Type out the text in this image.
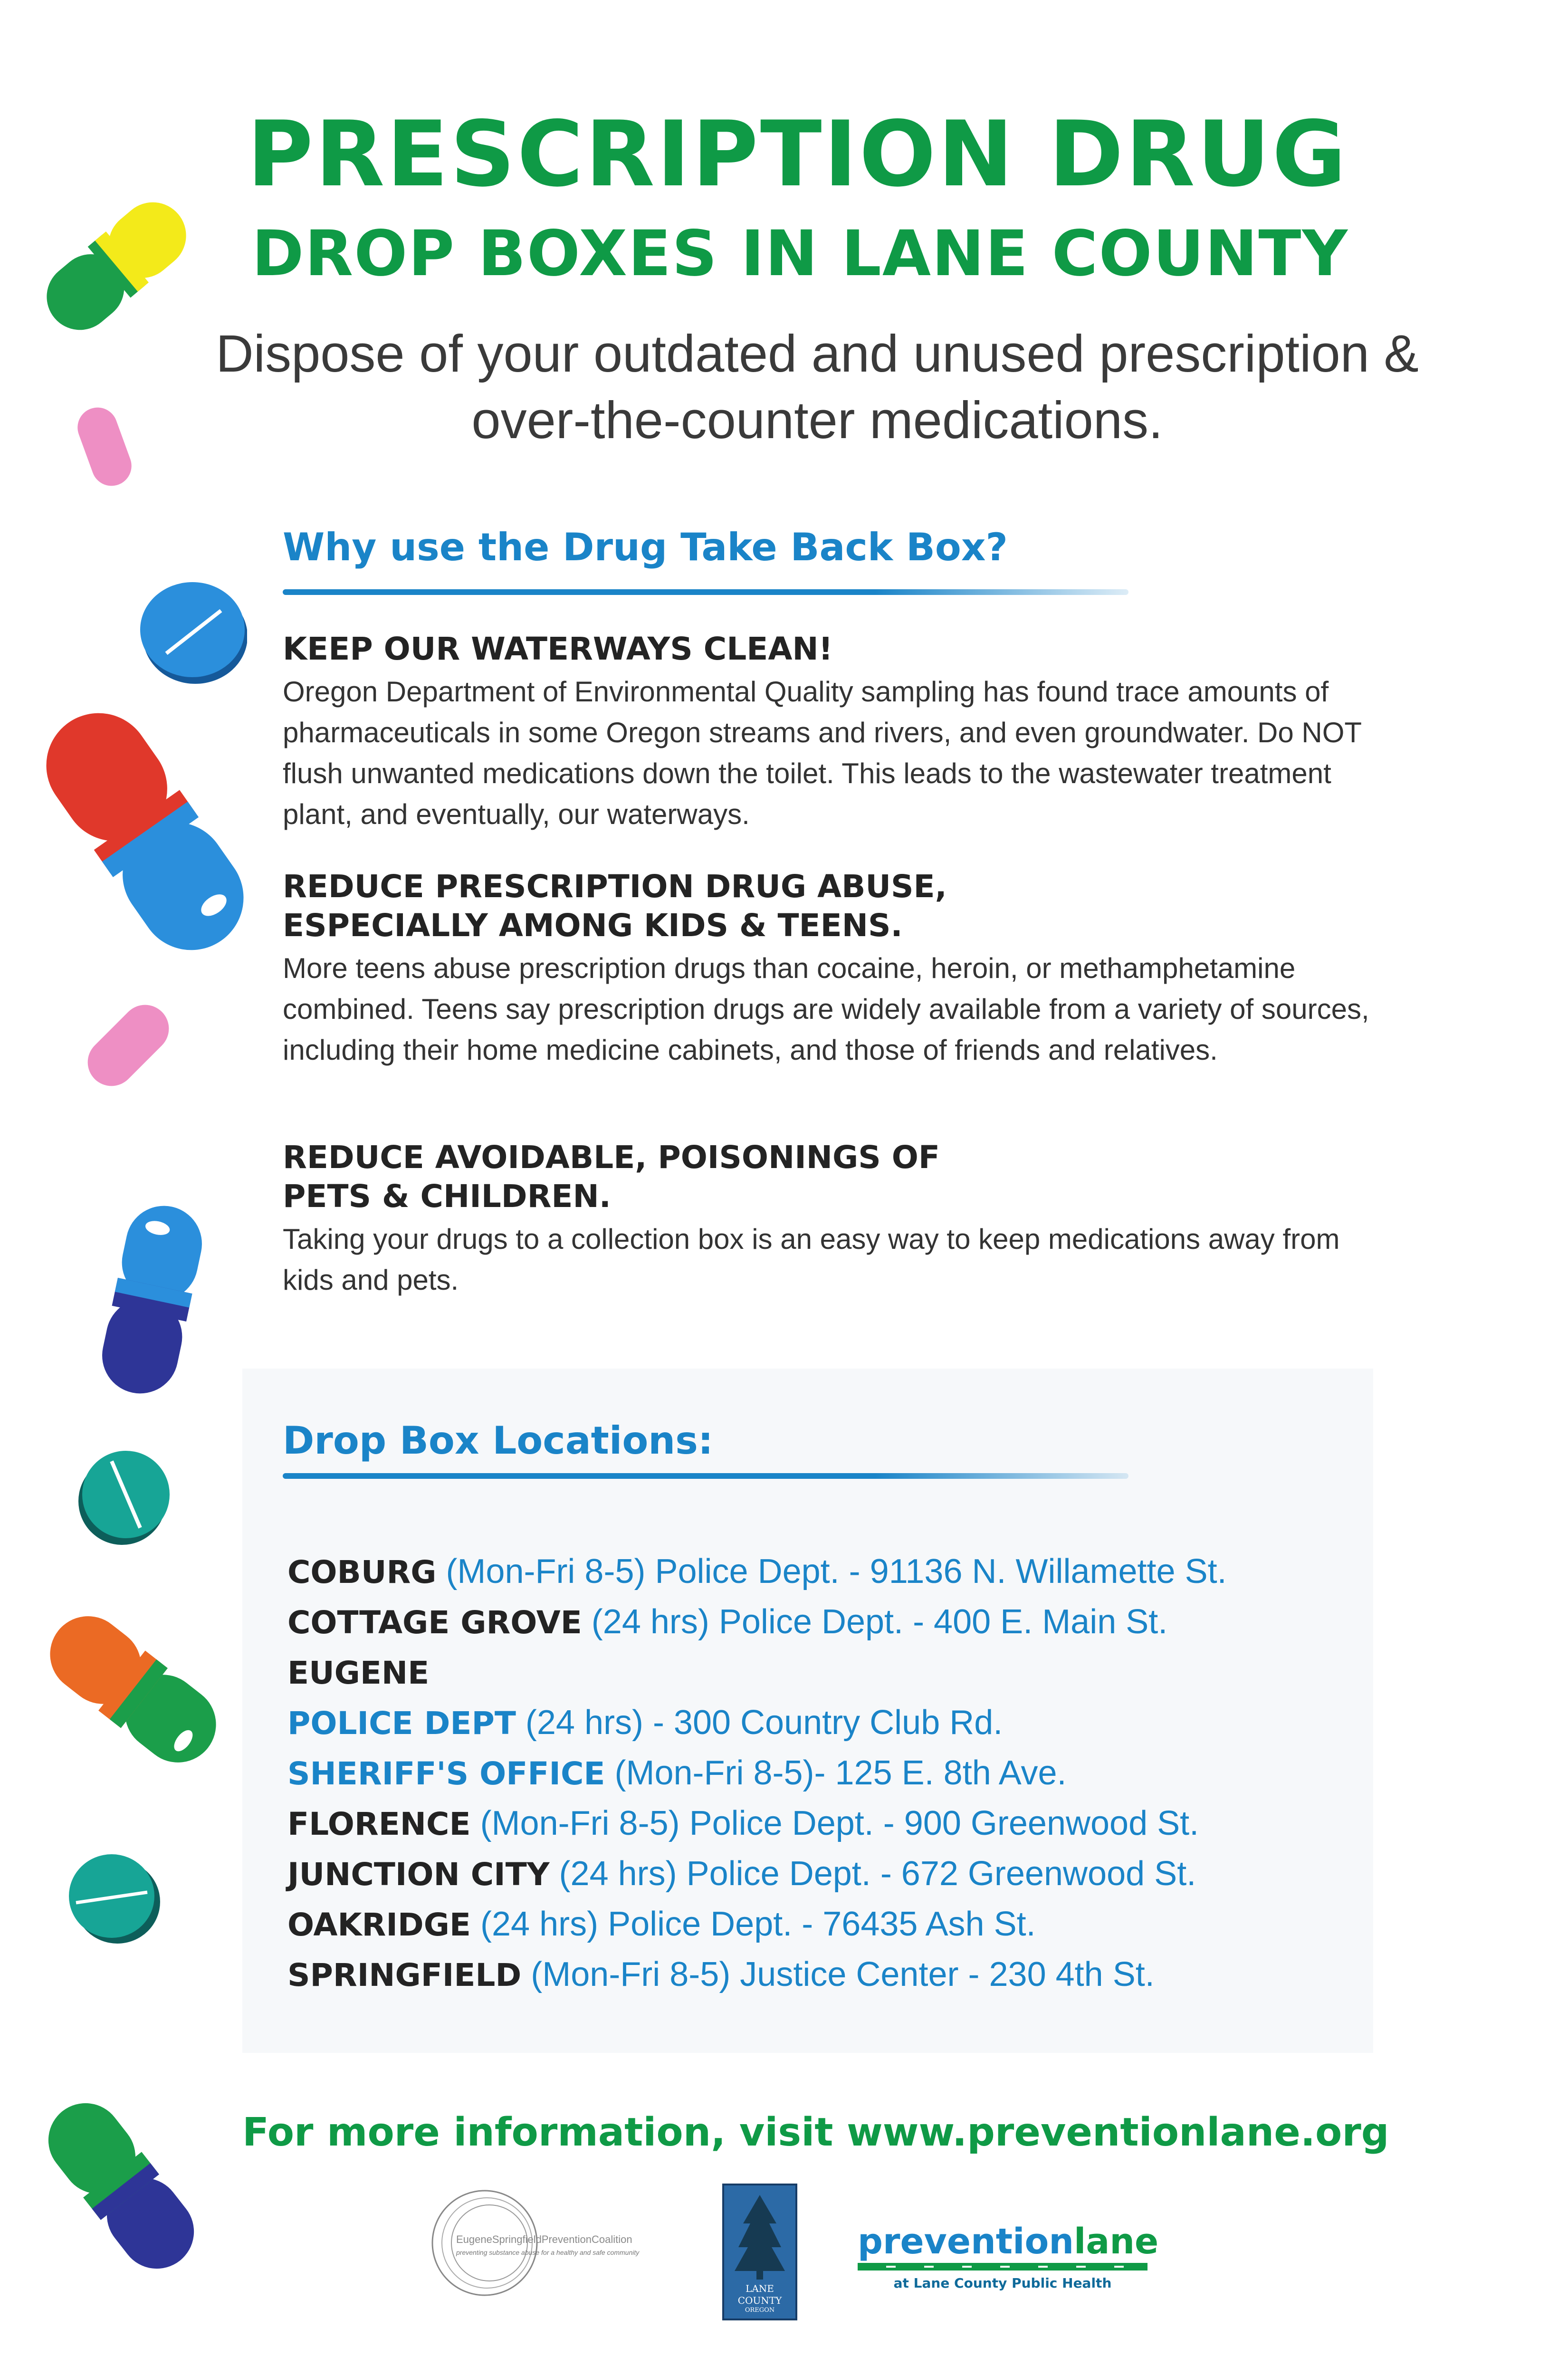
PRESCRIPTION DRUG
DROP BOXES IN LANE COUNTY
Dispose of your outdated and unused prescription & over-the-counter medications.
Why use the Drug Take Back Box?
KEEP OUR WATERWAYS CLEAN!
Oregon Department of Environmental Quality sampling has found trace amounts of pharmaceuticals in some Oregon streams and rivers, and even groundwater. Do NOT flush unwanted medications down the toilet. This leads to the wastewater treatment plant, and eventually, our waterways.
REDUCE PRESCRIPTION DRUG ABUSE,
ESPECIALLY AMONG KIDS & TEENS.
More teens abuse prescription drugs than cocaine, heroin, or methamphetamine combined. Teens say prescription drugs are widely available from a variety of sources, including their home medicine cabinets, and those of friends and relatives.
REDUCE AVOIDABLE, POISONINGS OF
PETS & CHILDREN.
Taking your drugs to a collection box is an easy way to keep medications away from kids and pets.
Drop Box Locations:
COBURG (Mon-Fri 8-5) Police Dept. - 91136 N. Willamette St.
COTTAGE GROVE (24 hrs) Police Dept. - 400 E. Main St.
EUGENE
POLICE DEPT (24 hrs) - 300 Country Club Rd.
SHERIFF'S OFFICE (Mon-Fri 8-5)- 125 E. 8th Ave.
FLORENCE (Mon-Fri 8-5) Police Dept. - 900 Greenwood St.
JUNCTION CITY (24 hrs) Police Dept. - 672 Greenwood St.
OAKRIDGE (24 hrs) Police Dept. - 76435 Ash St.
SPRINGFIELD (Mon-Fri 8-5) Justice Center - 230 4th St.
For more information, visit www.preventionlane.org
EugeneSpringfieldPreventionCoalition
preventing substance abuse for a healthy and safe community
LANE
COUNTY
OREGON
preventionlane
at Lane County Public Health
